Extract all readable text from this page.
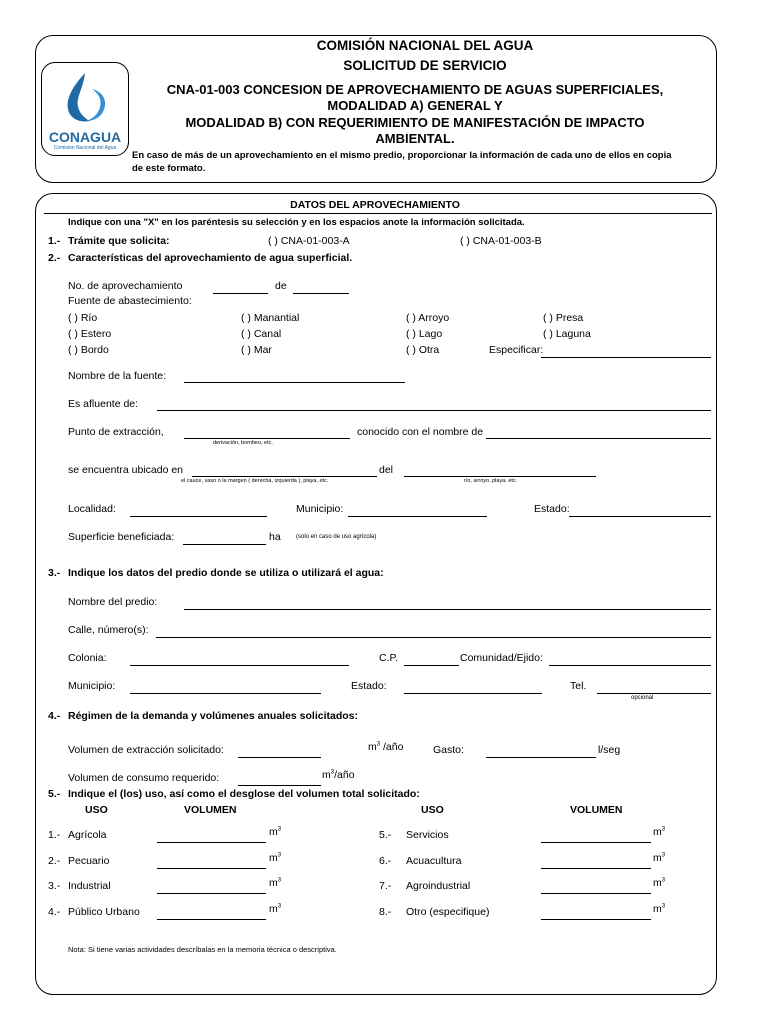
CONAGUA
Comisión Nacional del Agua
COMISIÓN NACIONAL DEL AGUA
SOLICITUD DE SERVICIO
CNA-01-003 CONCESION DE APROVECHAMIENTO DE AGUAS SUPERFICIALES,
MODALIDAD A) GENERAL Y
MODALIDAD B) CON REQUERIMIENTO DE MANIFESTACIÓN DE IMPACTO
AMBIENTAL.
En caso de más de un aprovechamiento en el mismo predio, proporcionar la información de cada uno de ellos en copia
de este formato.
DATOS DEL APROVECHAMIENTO
Indique con una "X" en los paréntesis su selección y en los espacios anote la información solicitada.
1.- Trámite que solicita:	( ) CNA-01-003-A	( ) CNA-01-003-B
2.- Características del aprovechamiento de agua superficial.
No. de aprovechamiento	de
Fuente de abastecimiento:
( ) Río	( ) Manantial	( ) Arroyo	( ) Presa
( ) Estero	( ) Canal	( ) Lago	( ) Laguna
( ) Bordo	( ) Mar	( ) Otra	Especificar:
Nombre de la fuente:
Es afluente de:
Punto de extracción,
derivación, bombeo, etc.
conocido con el nombre de
se encuentra ubicado en
el cauce, vaso o la margen ( derecha, izquierda ), playa, etc.
del
río, arroyo, playa, etc.
Localidad:	Municipio:	Estado:
Superficie beneficiada:	ha	(solo en caso de uso agrícola)
3.- Indique los datos del predio donde se utiliza o utilizará el agua:
Nombre del predio:
Calle, número(s):
Colonia:	C.P.	Comunidad/Ejido:
Municipio:	Estado:	Tel.
opcional
4.- Régimen de la demanda y volúmenes anuales solicitados:
Volumen de extracción solicitado:	$m^3$ /año	Gasto:	l/seg
Volumen de consumo requerido:	$m^3$/año
5.- Indique el (los) uso, así como el desglose del volumen total solicitado:
USO	VOLUMEN	USO	VOLUMEN
1.- Agrícola	$m^3$
2.- Pecuario	$m^3$
3.- Industrial	$m^3$
4.- Público Urbano	$m^3$
5.- Servicios	$m^3$
6.- Acuacultura	$m^3$
7.- Agroindustrial	$m^3$
8.- Otro (especifique)	$m^3$
Nota: Si tiene varias actividades descríbalas en la memoria técnica o descriptiva.
